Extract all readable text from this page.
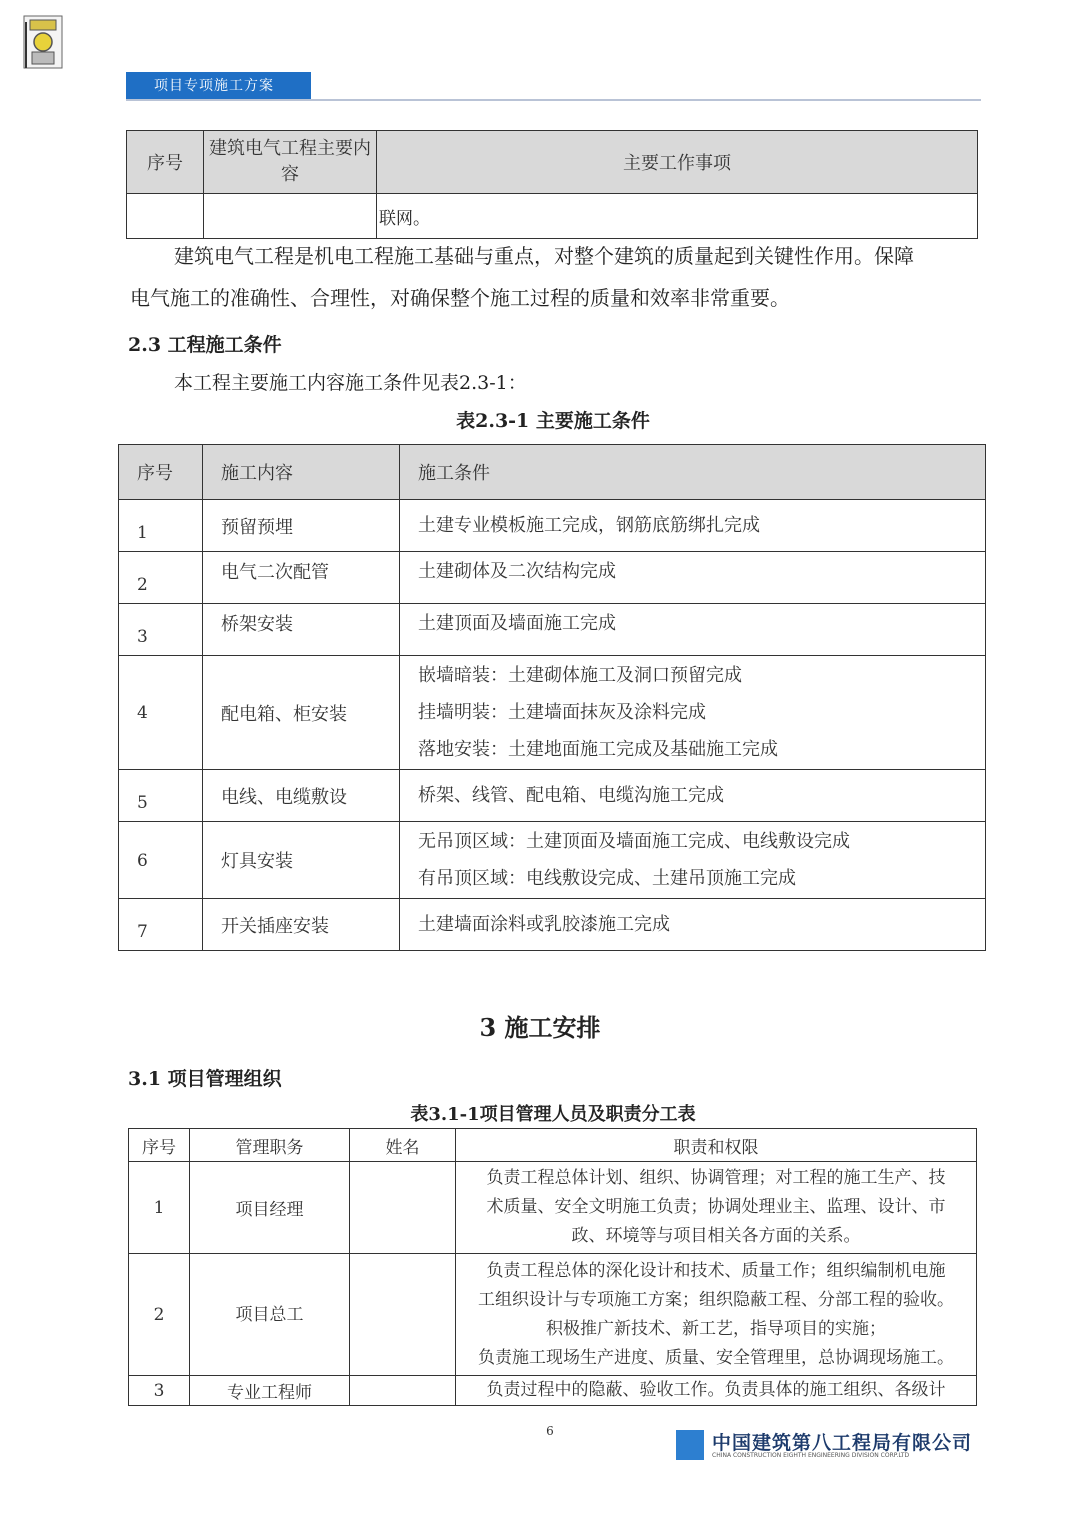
项目专项施工方案
序号	建筑电气工程主要内容	主要工作事项
		联网。
建筑电气工程是机电工程施工基础与重点，对整个建筑的质量起到关键性作用。保障
电气施工的准确性、合理性，对确保整个施工过程的质量和效率非常重要。
2.3 工程施工条件
本工程主要施工内容施工条件见表2.3-1：
表2.3-1 主要施工条件
序号	施工内容	施工条件
1	预留预埋	土建专业模板施工完成，钢筋底筋绑扎完成

2	电气二次配管	土建砌体及二次结构完成

3	桥架安装	土建顶面及墙面施工完成

4	配电箱、柜安装	嵌墙暗装：土建砌体施工及洞口预留完成
挂墙明装：土建墙面抹灰及涂料完成
落地安装：土建地面施工完成及基础施工完成

5	电线、电缆敷设	桥架、线管、配电箱、电缆沟施工完成

6	灯具安装	无吊顶区域：土建顶面及墙面施工完成、电线敷设完成
有吊顶区域：电线敷设完成、土建吊顶施工完成

7	开关插座安装	土建墙面涂料或乳胶漆施工完成
3 施工安排
3.1 项目管理组织
表3.1-1项目管理人员及职责分工表
序号	管理职务	姓名	职责和权限
1	项目经理		负责工程总体计划、组织、协调管理；对工程的施工生产、技
术质量、安全文明施工负责；协调处理业主、监理、设计、市
政、环境等与项目相关各方面的关系。

2	项目总工		负责工程总体的深化设计和技术、质量工作；组织编制机电施
工组织设计与专项施工方案；组织隐蔽工程、分部工程的验收。
积极推广新技术、新工艺，指导项目的实施；
负责施工现场生产进度、质量、安全管理里，总协调现场施工。

3	专业工程师		负责过程中的隐蔽、验收工作。负责具体的施工组织、各级计
6
中国建筑第八工程局有限公司
CHINA CONSTRUCTION EIGHTH ENGINEERING DIVISION CORP.LTD
